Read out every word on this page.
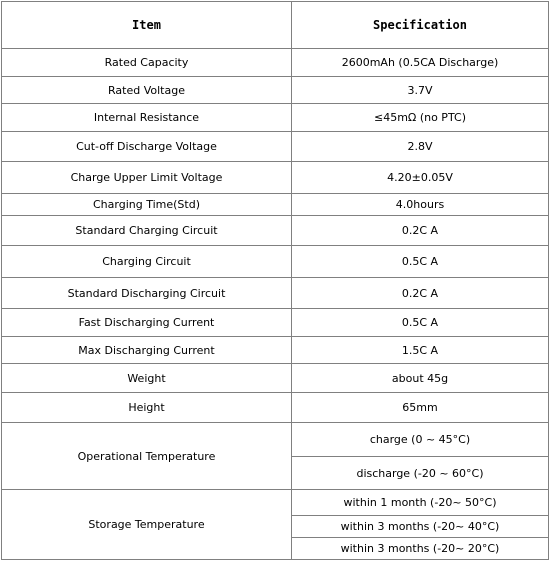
Item	Specification
Rated Capacity	2600mAh (0.5CA Discharge)
Rated Voltage	3.7V
Internal Resistance	≤45mΩ (no PTC)
Cut-off Discharge Voltage	2.8V
Charge Upper Limit Voltage	4.20±0.05V
Charging Time(Std)	4.0hours
Standard Charging Circuit	0.2C A
Charging Circuit	0.5C A
Standard Discharging Circuit	0.2C A
Fast Discharging Current	0.5C A
Max Discharging Current	1.5C A
Weight	about 45g
Height	65mm
Operational Temperature	charge (0 ~ 45°C)
	discharge (-20 ~ 60°C)
Storage Temperature	within 1 month (-20~ 50°C)
	within 3 months (-20~ 40°C)
	within 3 months (-20~ 20°C)
